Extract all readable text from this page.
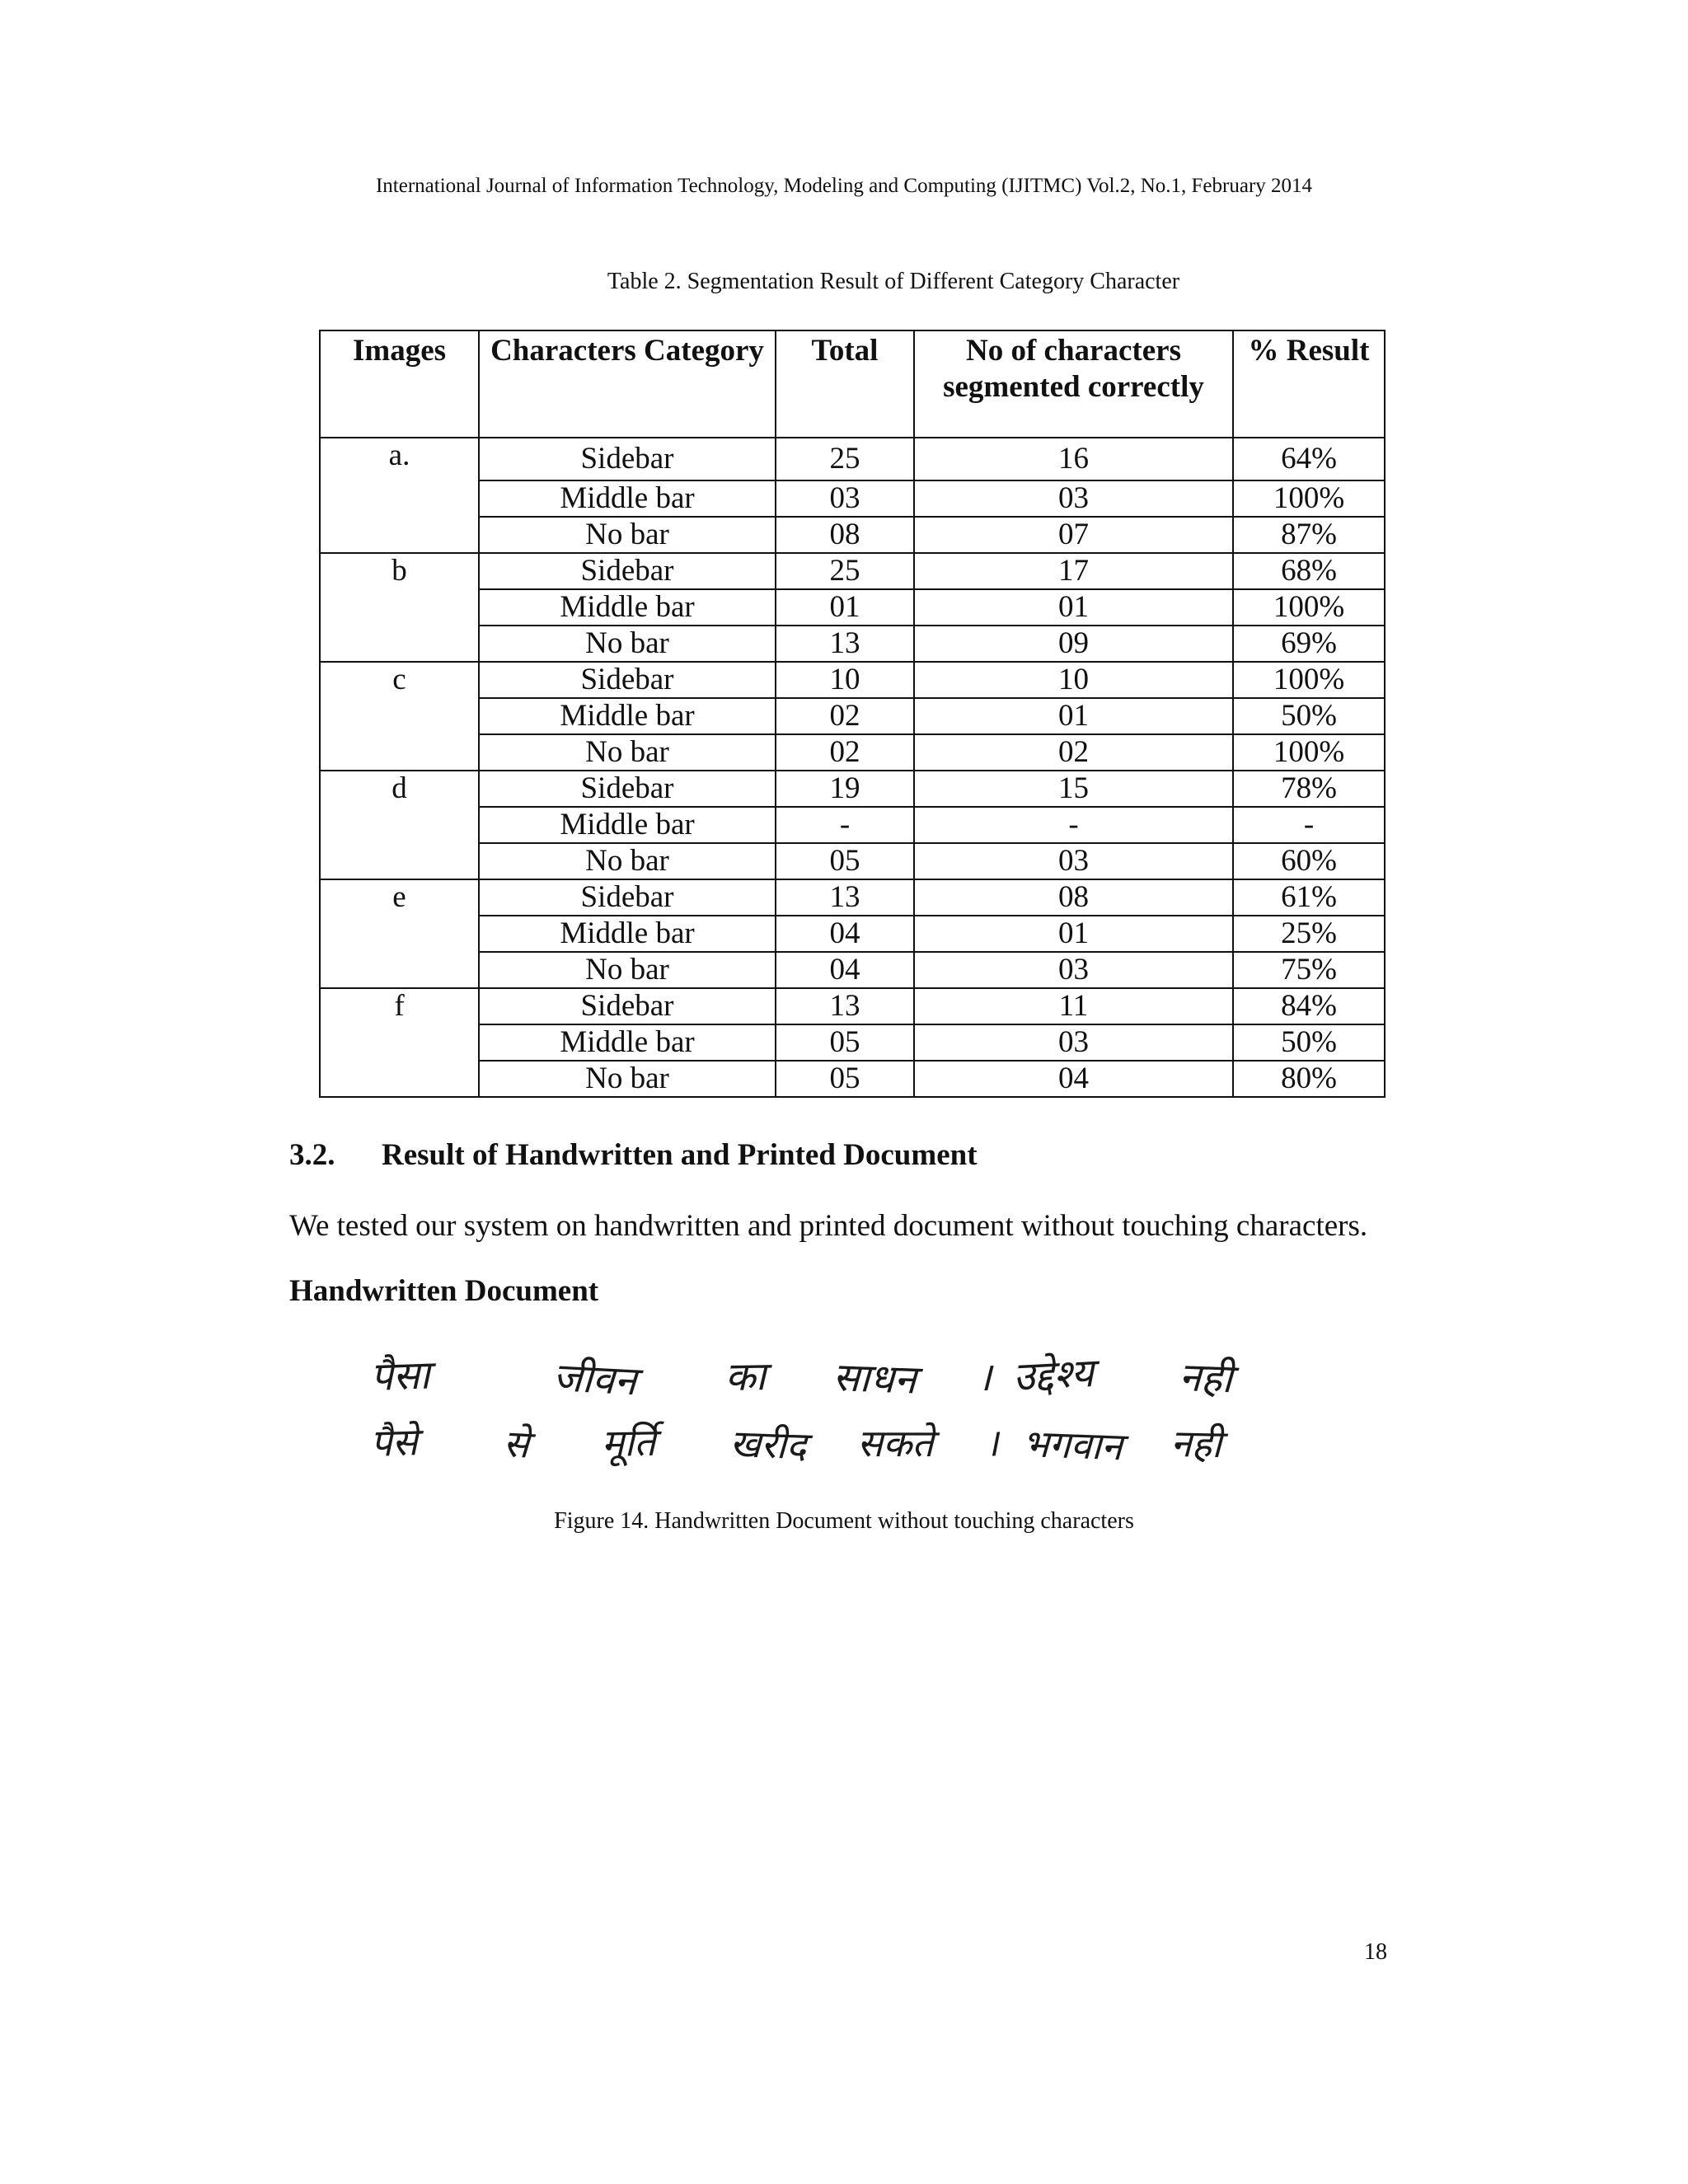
International Journal of Information Technology, Modeling and Computing (IJITMC) Vol.2, No.1, February 2014
Table 2. Segmentation Result of Different Category Character
Images	Characters Category	Total	No of characters segmented correctly	% Result
a.	Sidebar	25	16	64%
	Middle bar	03	03	100%
	No bar	08	07	87%
b	Sidebar	25	17	68%
	Middle bar	01	01	100%
	No bar	13	09	69%
c	Sidebar	10	10	100%
	Middle bar	02	01	50%
	No bar	02	02	100%
d	Sidebar	19	15	78%
	Middle bar	-	-	-
	No bar	05	03	60%
e	Sidebar	13	08	61%
	Middle bar	04	01	25%
	No bar	04	03	75%
f	Sidebar	13	11	84%
	Middle bar	05	03	50%
	No bar	05	04	80%
3.2. Result of Handwritten and Printed Document
We tested our system on handwritten and printed document without touching characters.
Handwritten Document
पैसा	जीवन का साधन । उद्देश्य नही
पैसे से मूर्ति खरीद सकते । भगवान नही
Figure 14. Handwritten Document without touching characters
18
